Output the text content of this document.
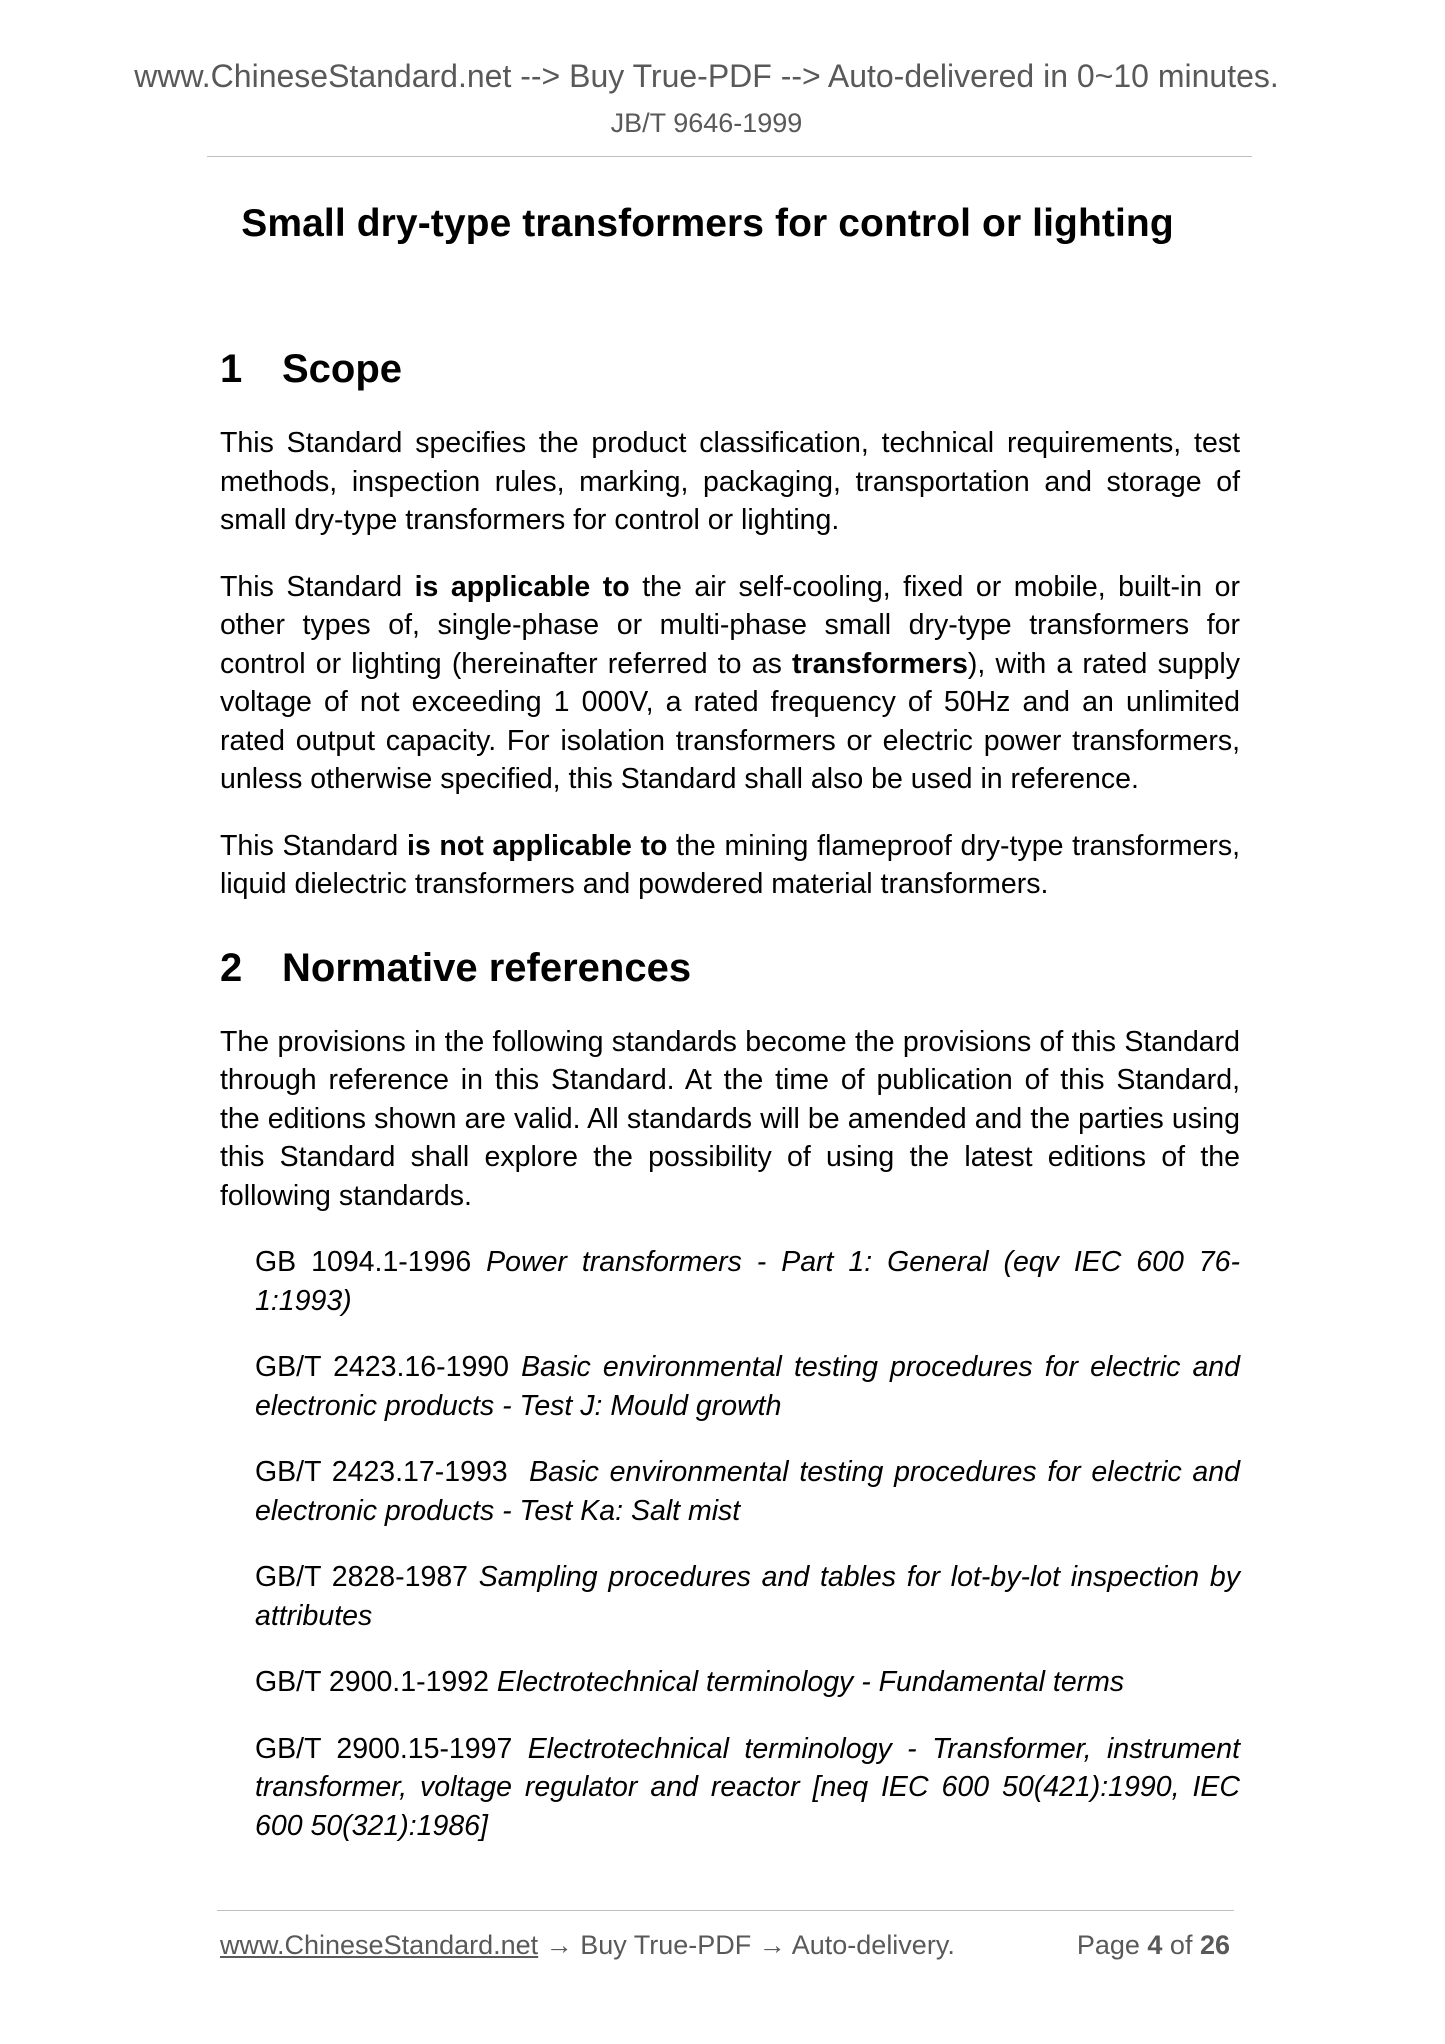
www.ChineseStandard.net --> Buy True-PDF --> Auto-delivered in 0~10 minutes.
JB/T 9646-1999
Small dry-type transformers for control or lighting
1 Scope

This Standard specifies the product classification, technical requirements, test methods, inspection rules, marking, packaging, transportation and storage of small dry-type transformers for control or lighting.

This Standard is applicable to the air self-cooling, fixed or mobile, built-in or other types of, single-phase or multi-phase small dry-type transformers for control or lighting (hereinafter referred to as transformers), with a rated supply voltage of not exceeding 1 000V, a rated frequency of 50Hz and an unlimited rated output capacity. For isolation transformers or electric power transformers, unless otherwise specified, this Standard shall also be used in reference.

This Standard is not applicable to the mining flameproof dry-type transformers, liquid dielectric transformers and powdered material transformers.

2 Normative references

The provisions in the following standards become the provisions of this Standard through reference in this Standard. At the time of publication of this Standard, the editions shown are valid. All standards will be amended and the parties using this Standard shall explore the possibility of using the latest editions of the following standards.

GB 1094.1-1996 Power transformers - Part 1: General (eqv IEC 600 76-1:1993)

GB/T 2423.16-1990 Basic environmental testing procedures for electric and electronic products - Test J: Mould growth

GB/T 2423.17-1993  Basic environmental testing procedures for electric and electronic products - Test Ka: Salt mist

GB/T 2828-1987 Sampling procedures and tables for lot-by-lot inspection by attributes

GB/T 2900.1-1992 Electrotechnical terminology - Fundamental terms

GB/T 2900.15-1997 Electrotechnical terminology - Transformer, instrument transformer, voltage regulator and reactor [neq IEC 600 50(421):1990, IEC 600 50(321):1986]

www.ChineseStandard.net → Buy True-PDF → Auto-delivery.	Page 4 of 26
